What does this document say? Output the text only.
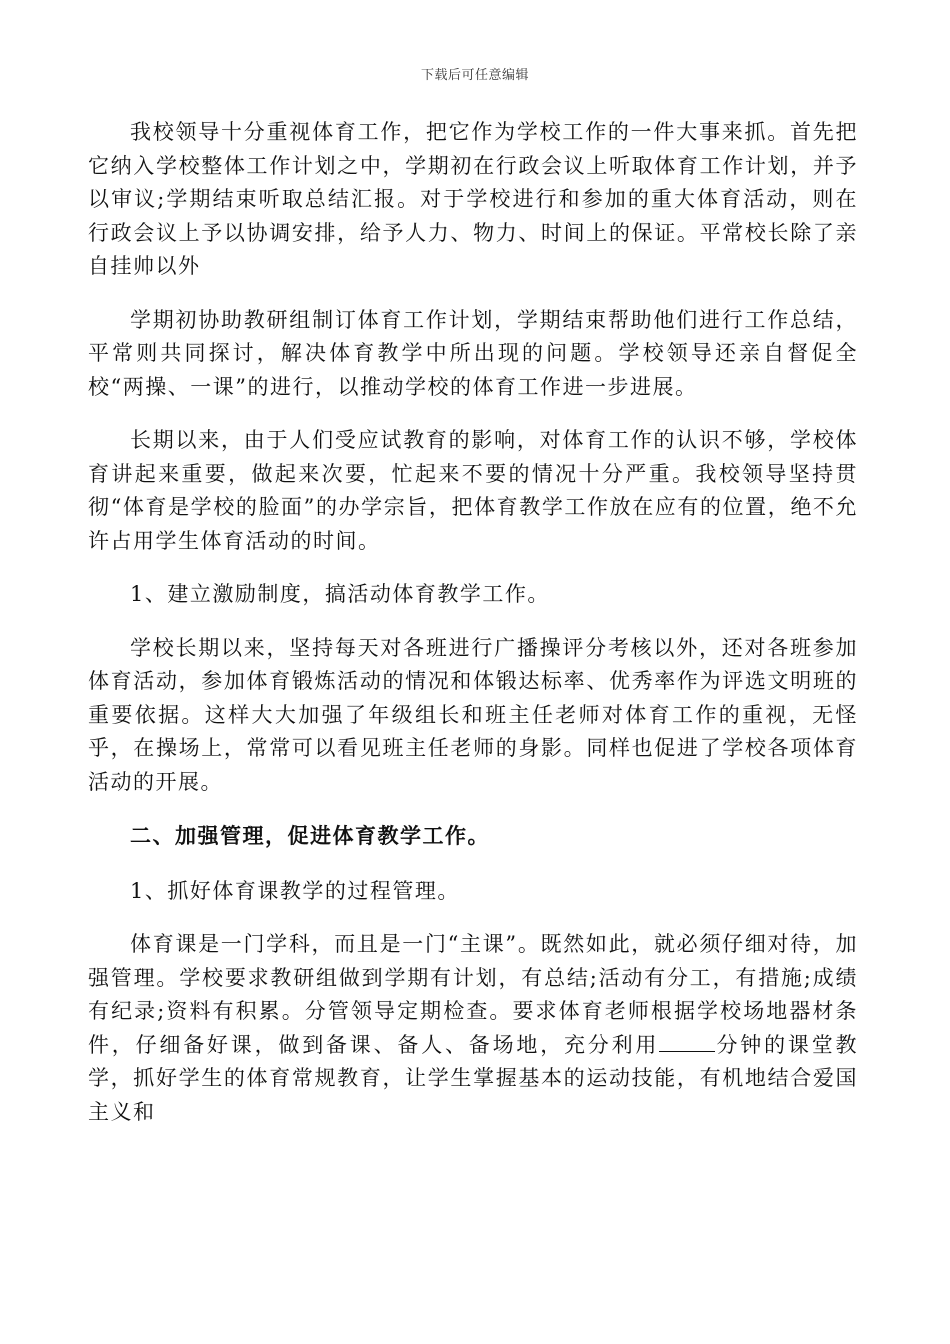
下载后可任意编辑

我校领导十分重视体育工作，把它作为学校工作的一件大事来抓。首先把它纳入学校整体工作计划之中，学期初在行政会议上听取体育工作计划，并予以审议;学期结束听取总结汇报。对于学校进行和参加的重大体育活动，则在行政会议上予以协调安排，给予人力、物力、时间上的保证。平常校长除了亲自挂帅以外

学期初协助教研组制订体育工作计划，学期结束帮助他们进行工作总结，平常则共同探讨，解决体育教学中所出现的问题。学校领导还亲自督促全校“两操、一课”的进行，以推动学校的体育工作进一步进展。

长期以来，由于人们受应试教育的影响，对体育工作的认识不够，学校体育讲起来重要，做起来次要，忙起来不要的情况十分严重。我校领导坚持贯彻“体育是学校的脸面”的办学宗旨，把体育教学工作放在应有的位置，绝不允许占用学生体育活动的时间。

1、建立激励制度，搞活动体育教学工作。

学校长期以来，坚持每天对各班进行广播操评分考核以外，还对各班参加体育活动，参加体育锻炼活动的情况和体锻达标率、优秀率作为评选文明班的重要依据。这样大大加强了年级组长和班主任老师对体育工作的重视，无怪乎，在操场上，常常可以看见班主任老师的身影。同样也促进了学校各项体育活动的开展。

二、加强管理，促进体育教学工作。

1、抓好体育课教学的过程管理。

体育课是一门学科，而且是一门“主课”。既然如此，就必须仔细对待，加强管理。学校要求教研组做到学期有计划，有总结;活动有分工，有措施;成绩有纪录;资料有积累。分管领导定期检查。要求体育老师根据学校场地器材条件，仔细备好课，做到备课、备人、备场地，充分利用	分钟的课堂教学，抓好学生的体育常规教育，让学生掌握基本的运动技能，有机地结合爱国主义和
